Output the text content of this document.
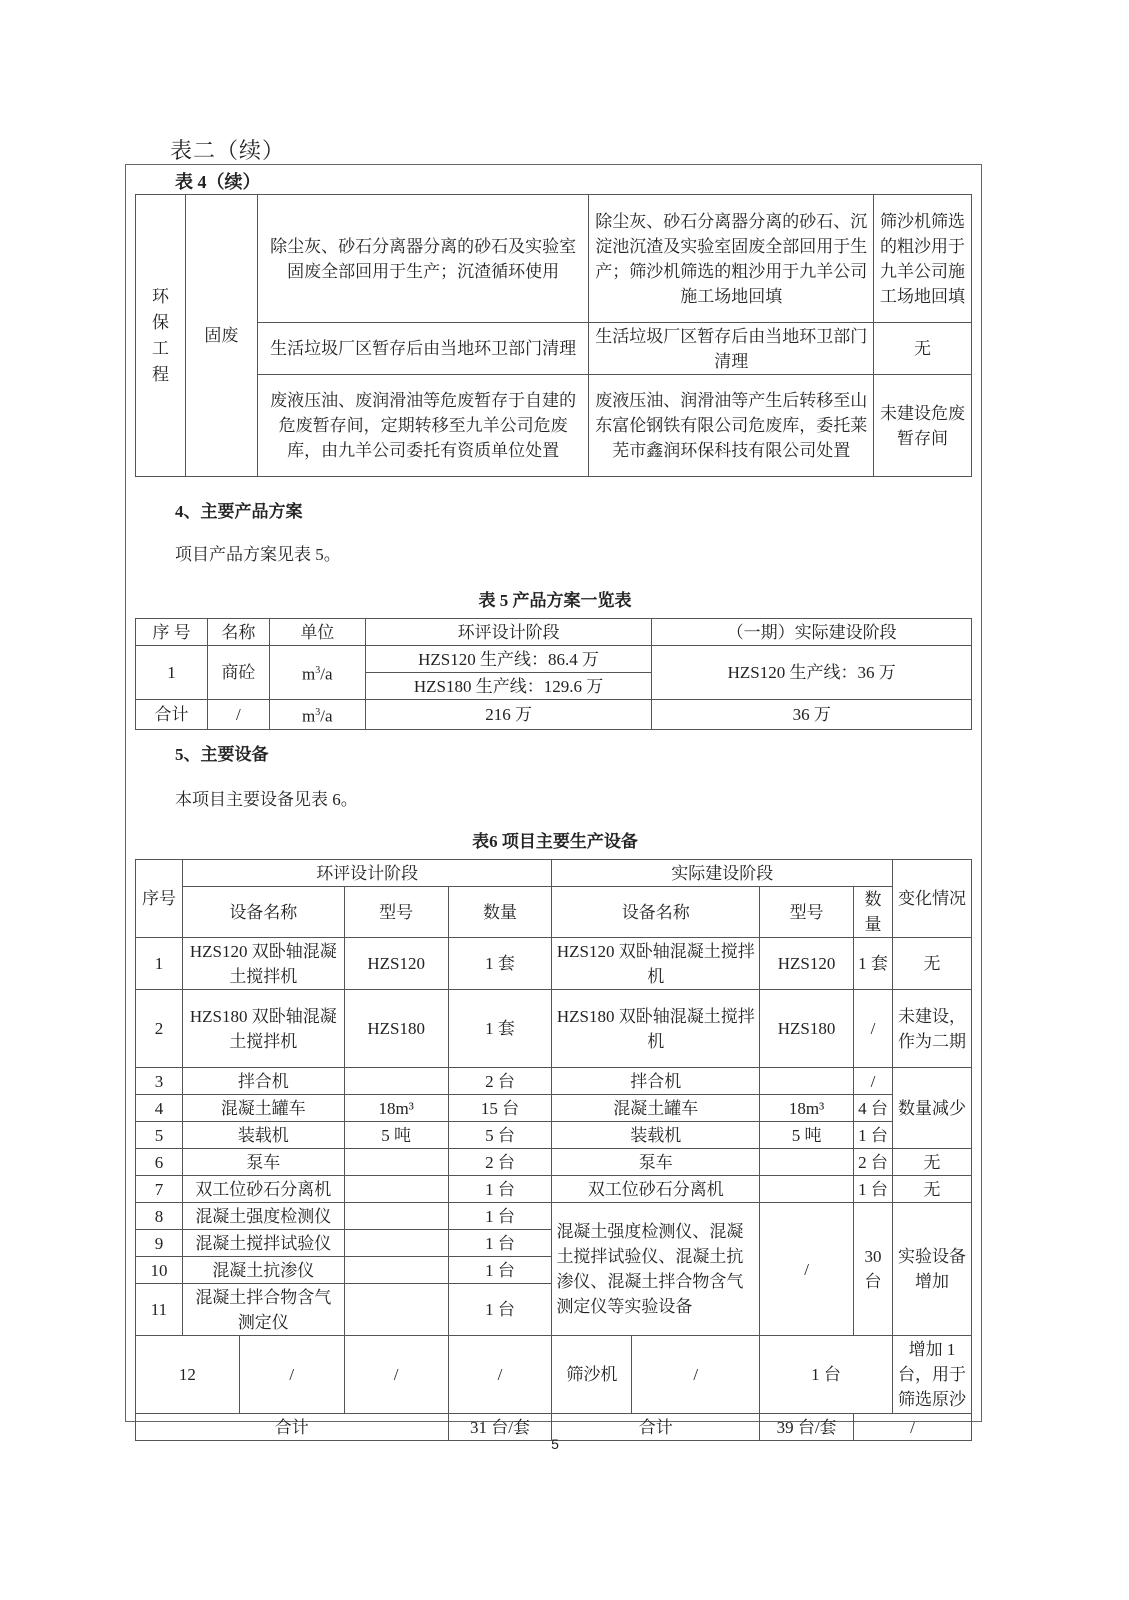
表二（续）
表 4（续）
环保工程	固废	除尘灰、砂石分离器分离的砂石及实验室固废全部回用于生产；沉渣循环使用	除尘灰、砂石分离器分离的砂石、沉淀池沉渣及实验室固废全部回用于生产；筛沙机筛选的粗沙用于九羊公司施工场地回填	筛沙机筛选的粗沙用于九羊公司施工场地回填
		生活垃圾厂区暂存后由当地环卫部门清理	生活垃圾厂区暂存后由当地环卫部门清理	无
		废液压油、废润滑油等危废暂存于自建的危废暂存间，定期转移至九羊公司危废库，由九羊公司委托有资质单位处置	废液压油、润滑油等产生后转移至山东富伦钢铁有限公司危废库，委托莱芜市鑫润环保科技有限公司处置	未建设危废暂存间
4、主要产品方案
项目产品方案见表 5。
表 5 产品方案一览表
序 号	名称	单位	环评设计阶段	（一期）实际建设阶段
1	商砼	$m^3/a$	HZS120 生产线：86.4 万	HZS120 生产线：36 万
			HZS180 生产线：129.6 万	
合计	/	$m^3/a$	216 万	36 万
5、主要设备
本项目主要设备见表 6。
表6 项目主要生产设备
序号	环评设计阶段				实际建设阶段				变化情况
	设备名称		型号	数量	设备名称		型号	数量	
1	HZS120 双卧轴混凝土搅拌机		HZS120	1 套	HZS120 双卧轴混凝土搅拌机		HZS120	1 套	无
2	HZS180 双卧轴混凝土搅拌机		HZS180	1 套	HZS180 双卧轴混凝土搅拌机		HZS180	/	未建设，作为二期
3	拌合机			2 台	拌合机			/	数量减少
4	混凝土罐车		18m³	15 台	混凝土罐车		18m³	4 台	
5	装载机		5 吨	5 台	装载机		5 吨	1 台	
6	泵车			2 台	泵车			2 台	无
7	双工位砂石分离机			1 台	双工位砂石分离机			1 台	无
8	混凝土强度检测仪			1 台	混凝土强度检测仪、混凝土搅拌试验仪、混凝土抗渗仪、混凝土拌合物含气测定仪等实验设备		/	30 台	实验设备增加
9	混凝土搅拌试验仪			1 台					
10	混凝土抗渗仪			1 台					
11	混凝土拌合物含气测定仪			1 台					
12		/	/	/	筛沙机	/	1 台		增加 1 台，用于筛选原沙
合计				31 台/套	合计		39 台/套	/	
5
